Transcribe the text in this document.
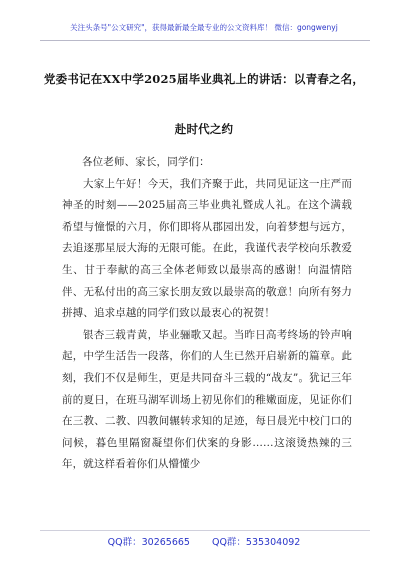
关注头条号"公文研究"，获得最新最全最专业的公文资料库！ 微信：gongwenyj
党委书记在XX中学2025届毕业典礼上的讲话：以青春之名，
赴时代之约

各位老师、家长，同学们：

大家上午好！今天，我们齐聚于此，共同见证这一庄严而神圣的时刻——2025届高三毕业典礼暨成人礼。在这个满载希望与憧憬的六月，你们即将从郡园出发，向着梦想与远方，去追逐那星辰大海的无限可能。在此，我谨代表学校向乐教爱生、甘于奉献的高三全体老师致以最崇高的感谢！向温情陪伴、无私付出的高三家长朋友致以最崇高的敬意！向所有努力拼搏、追求卓越的同学们致以最衷心的祝贺！

银杏三载青黄，毕业骊歌又起。当昨日高考终场的铃声响起，中学生活告一段落，你们的人生已然开启崭新的篇章。此刻，我们不仅是师生，更是共同奋斗三载的“战友”。犹记三年前的夏日，在班马湖军训场上初见你们的稚嫩面庞，见证你们在三教、二教、四教间辗转求知的足迹，每日晨光中校门口的问候，暮色里隔窗凝望你们伏案的身影……这滚烫热辣的三年，就这样看着你们从懵懂少

QQ群：30265665 QQ群：535304092
